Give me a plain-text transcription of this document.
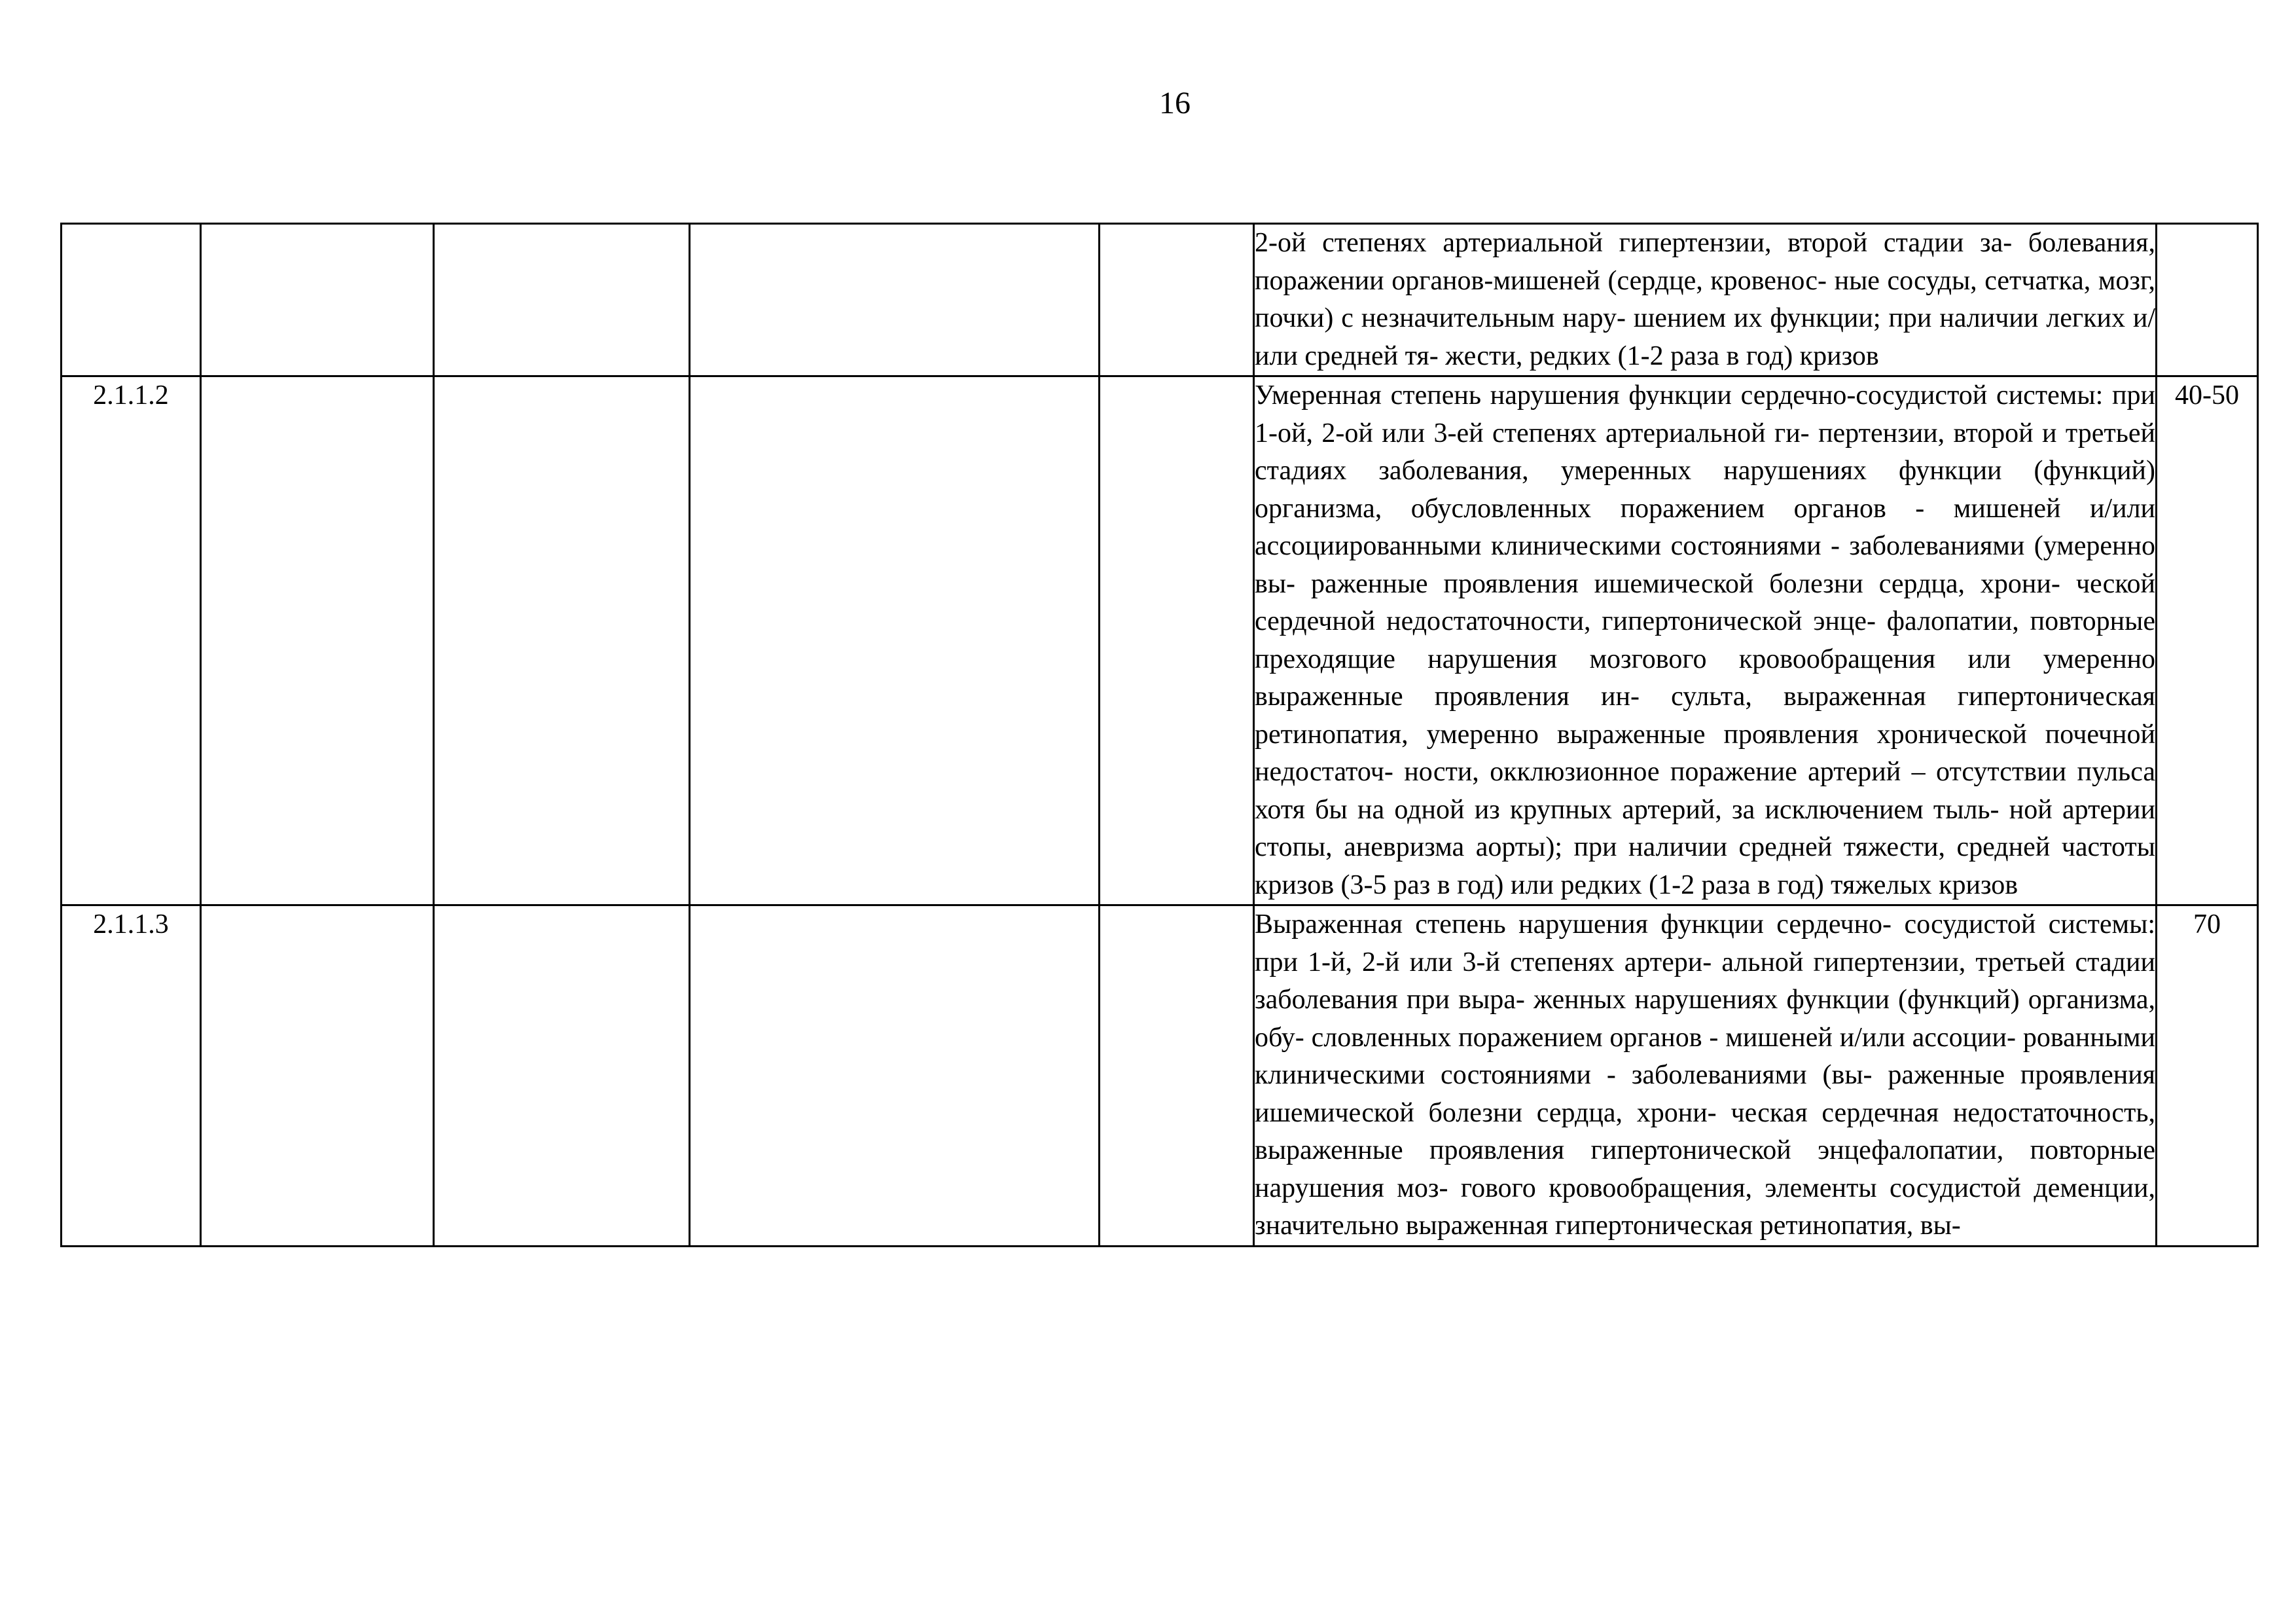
16
					2-ой степенях артериальной гипертензии, второй стадии за- болевания, поражении органов-мишеней (сердце, кровенос- ные сосуды, сетчатка, мозг, почки) с незначительным нару- шением их функции; при наличии легких и/или средней тя- жести, редких (1-2 раза в год) кризов	
2.1.1.2					Умеренная степень нарушения функции сердечно-сосудистой системы: при 1-ой, 2-ой или 3-ей степенях артериальной ги- пертензии, второй и третьей стадиях заболевания, умеренных нарушениях функции (функций) организма, обусловленных поражением органов - мишеней и/или ассоциированными клиническими состояниями - заболеваниями (умеренно вы- раженные проявления ишемической болезни сердца, хрони- ческой сердечной недостаточности, гипертонической энце- фалопатии, повторные преходящие нарушения мозгового кровообращения или умеренно выраженные проявления ин- сульта, выраженная гипертоническая ретинопатия, умеренно выраженные проявления хронической почечной недостаточ- ности, окклюзионное поражение артерий – отсутствии пульса хотя бы на одной из крупных артерий, за исключением тыль- ной артерии стопы, аневризма аорты); при наличии средней тяжести, средней частоты кризов (3-5 раз в год) или редких (1-2 раза в год) тяжелых кризов	40-50
2.1.1.3					Выраженная степень нарушения функции сердечно- сосудистой системы: при 1-й, 2-й или 3-й степенях артери- альной гипертензии, третьей стадии заболевания при выра- женных нарушениях функции (функций) организма, обу- словленных поражением органов - мишеней и/или ассоции- рованными клиническими состояниями - заболеваниями (вы- раженные проявления ишемической болезни сердца, хрони- ческая сердечная недостаточность, выраженные проявления гипертонической энцефалопатии, повторные нарушения моз- гового кровообращения, элементы сосудистой деменции, значительно выраженная гипертоническая ретинопатия, вы-	70
